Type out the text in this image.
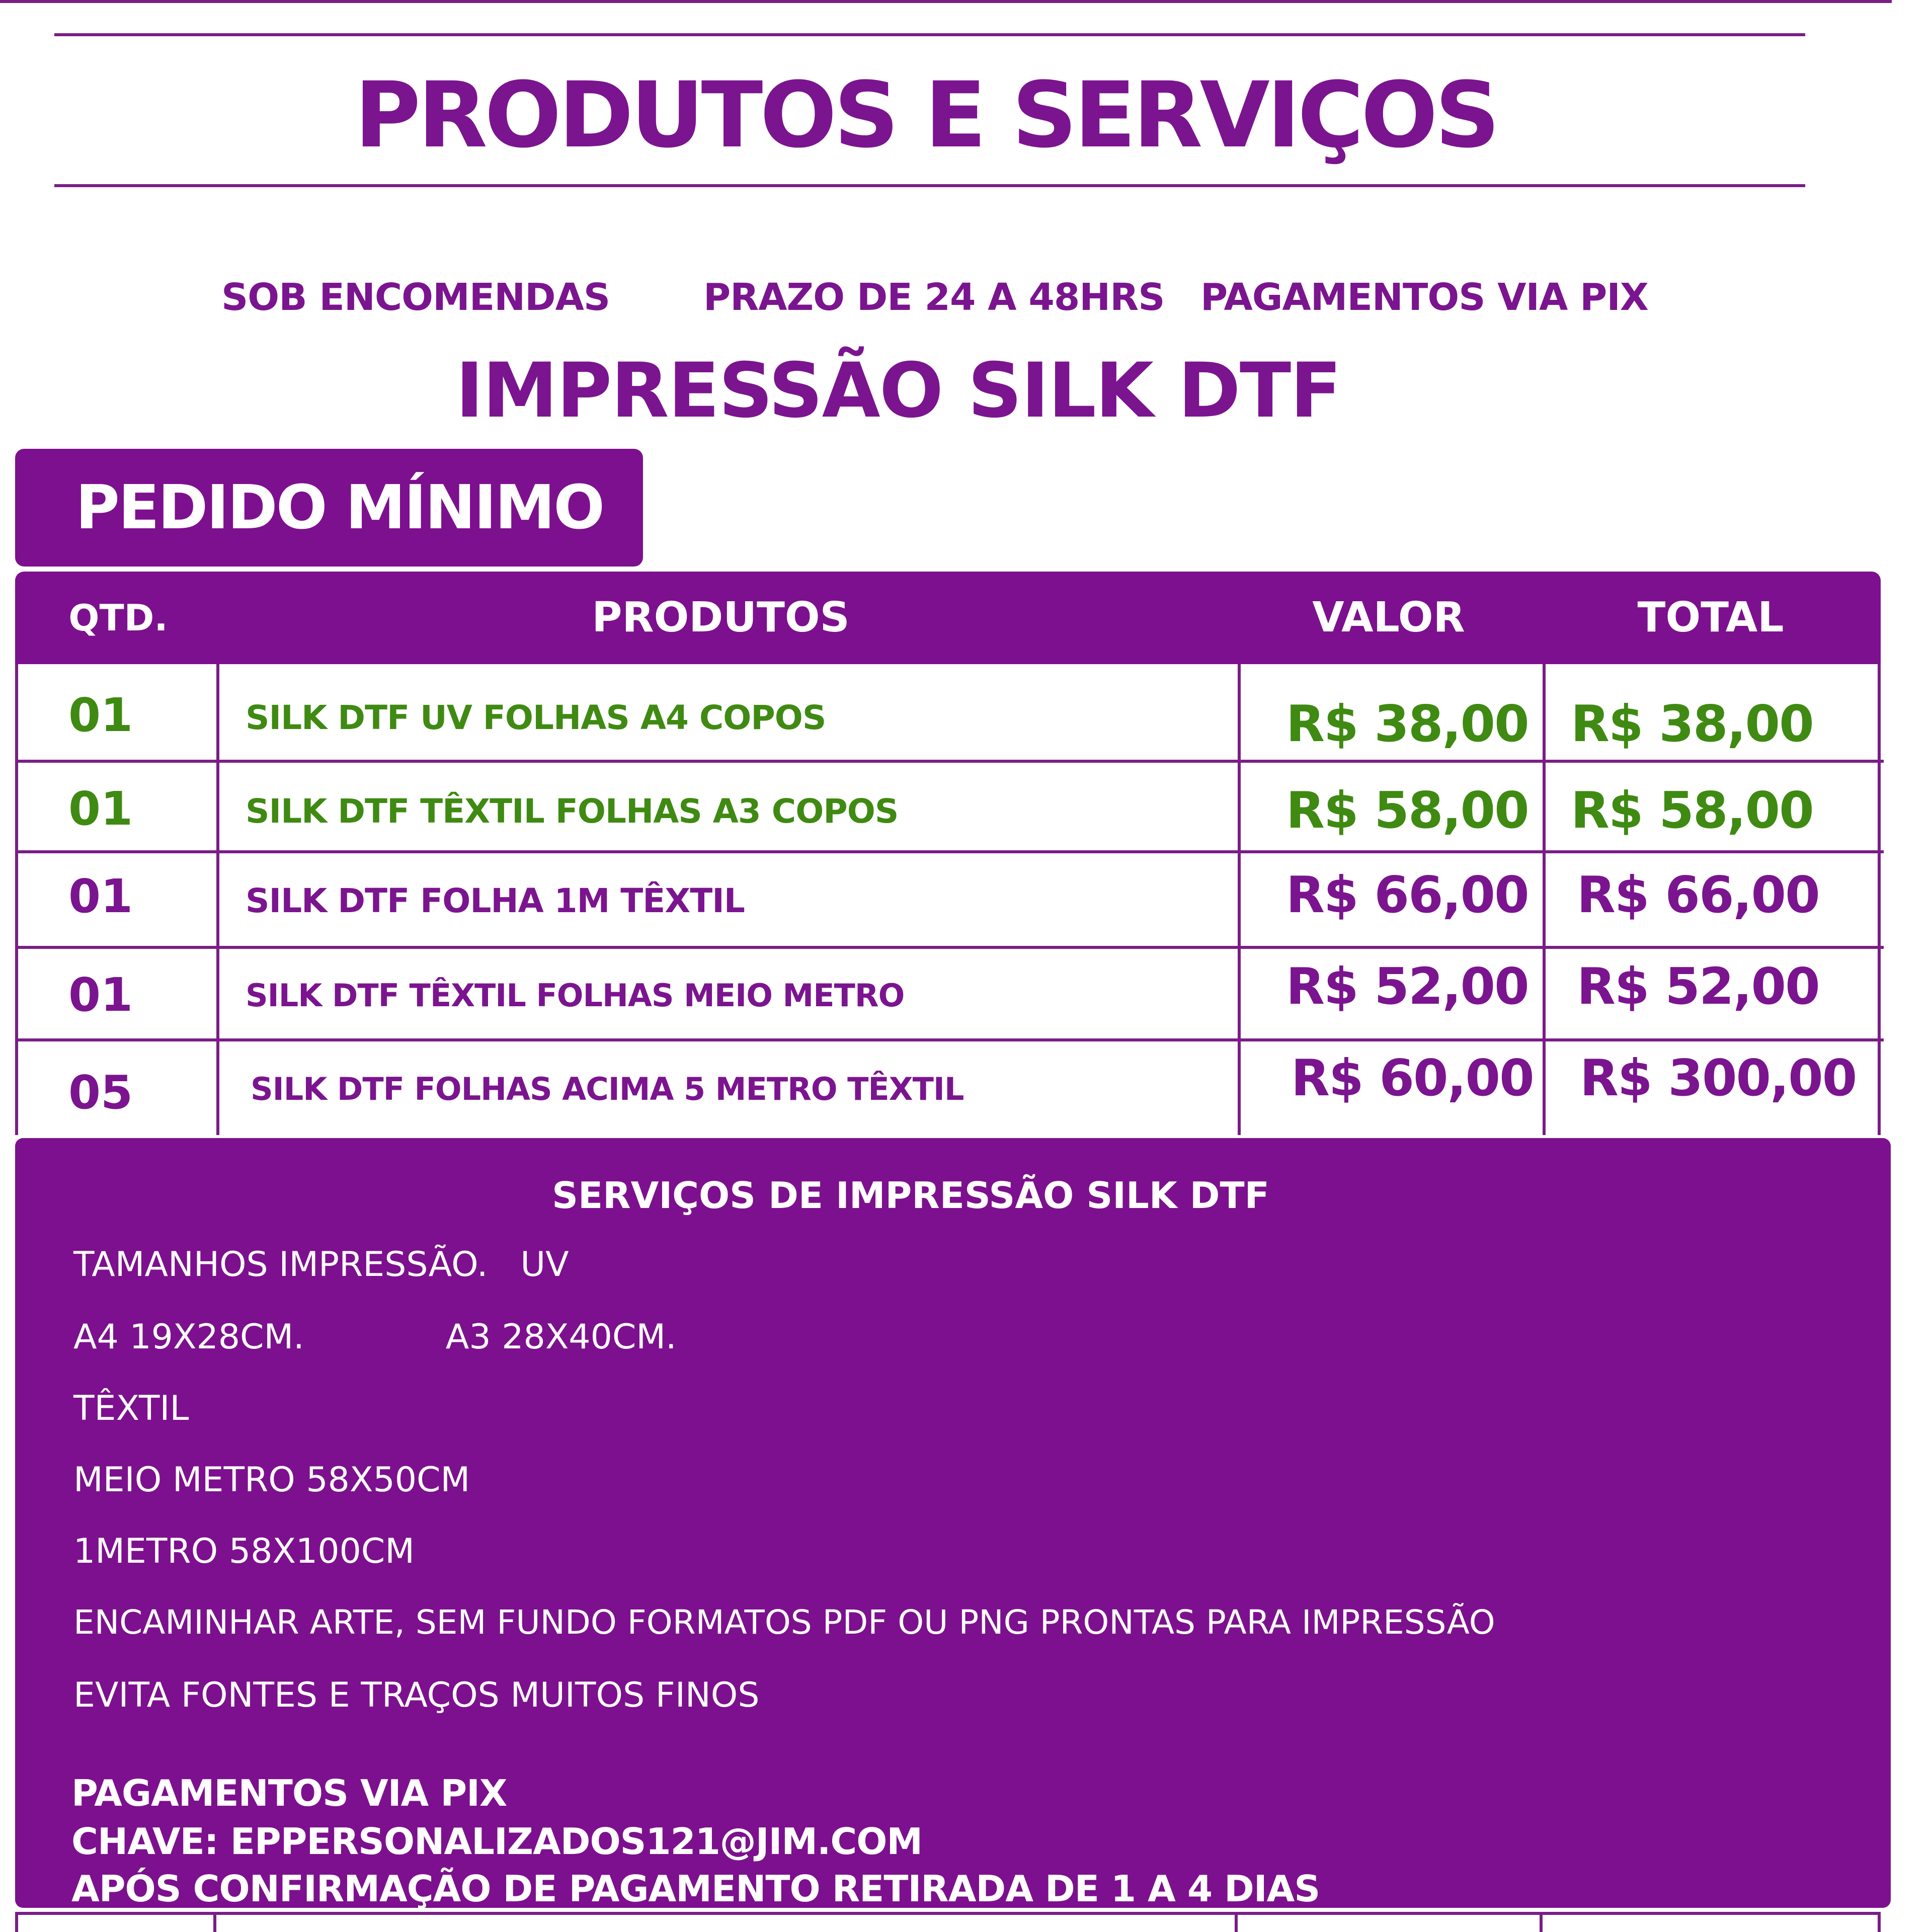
PRODUTOS E SERVIÇOS
SOB ENCOMENDAS	PRAZO DE 24 A 48HRS PAGAMENTOS VIA PIX
IMPRESSÃO SILK DTF
PEDIDO MÍNIMO
QTD.	PRODUTOS	VALOR	TOTAL
01	SILK DTF UV FOLHAS A4 COPOS	R$ 38,00 R$ 38,00
01	SILK DTF TÊXTIL FOLHAS A3 COPOS	R$ 58,00 R$ 58,00
01	SILK DTF FOLHA 1M TÊXTIL	R$ 66,00 R$ 66,00
01	SILK DTF TÊXTIL FOLHAS MEIO METRO	R$ 52,00 R$ 52,00
05	SILK DTF FOLHAS ACIMA 5 METRO TÊXTIL	R$ 60,00 R$ 300,00
SERVIÇOS DE IMPRESSÃO SILK DTF
TAMANHOS IMPRESSÃO.   UV
A4 19X28CM.             A3 28X40CM.
TÊXTIL
MEIO METRO 58X50CM
1METRO 58X100CM
ENCAMINHAR ARTE, SEM FUNDO FORMATOS PDF OU PNG PRONTAS PARA IMPRESSÃO
EVITA FONTES E TRAÇOS MUITOS FINOS
PAGAMENTOS VIA PIX
CHAVE: EPPERSONALIZADOS121@JIM.COM
APÓS CONFIRMAÇÃO DE PAGAMENTO RETIRADA DE 1 A 4 DIAS
